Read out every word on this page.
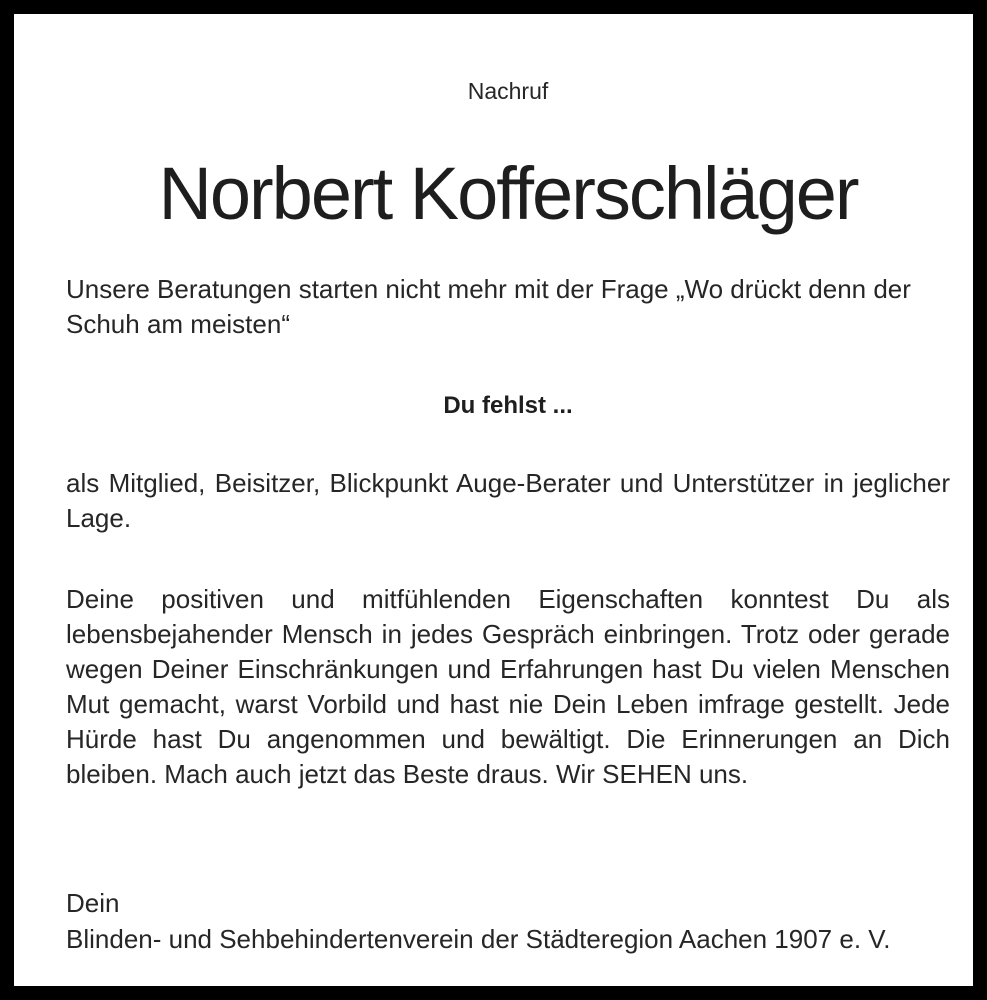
Nachruf
Norbert Kofferschläger

Unsere Beratungen starten nicht mehr mit der Frage „Wo drückt denn der Schuh am meisten“

Du fehlst ...

als Mitglied, Beisitzer, Blickpunkt Auge-Berater und Unterstützer in jeglicher Lage.

Deine positiven und mitfühlenden Eigenschaften konntest Du als lebensbejahender Mensch in jedes Gespräch einbringen. Trotz oder gerade wegen Deiner Einschränkungen und Erfahrungen hast Du vielen Menschen Mut gemacht, warst Vorbild und hast nie Dein Leben imfrage gestellt. Jede Hürde hast Du angenommen und bewältigt. Die Erinnerungen an Dich bleiben. Mach auch jetzt das Beste draus. Wir SEHEN uns.

Dein
Blinden- und Sehbehindertenverein der Städteregion Aachen 1907 e. V.
